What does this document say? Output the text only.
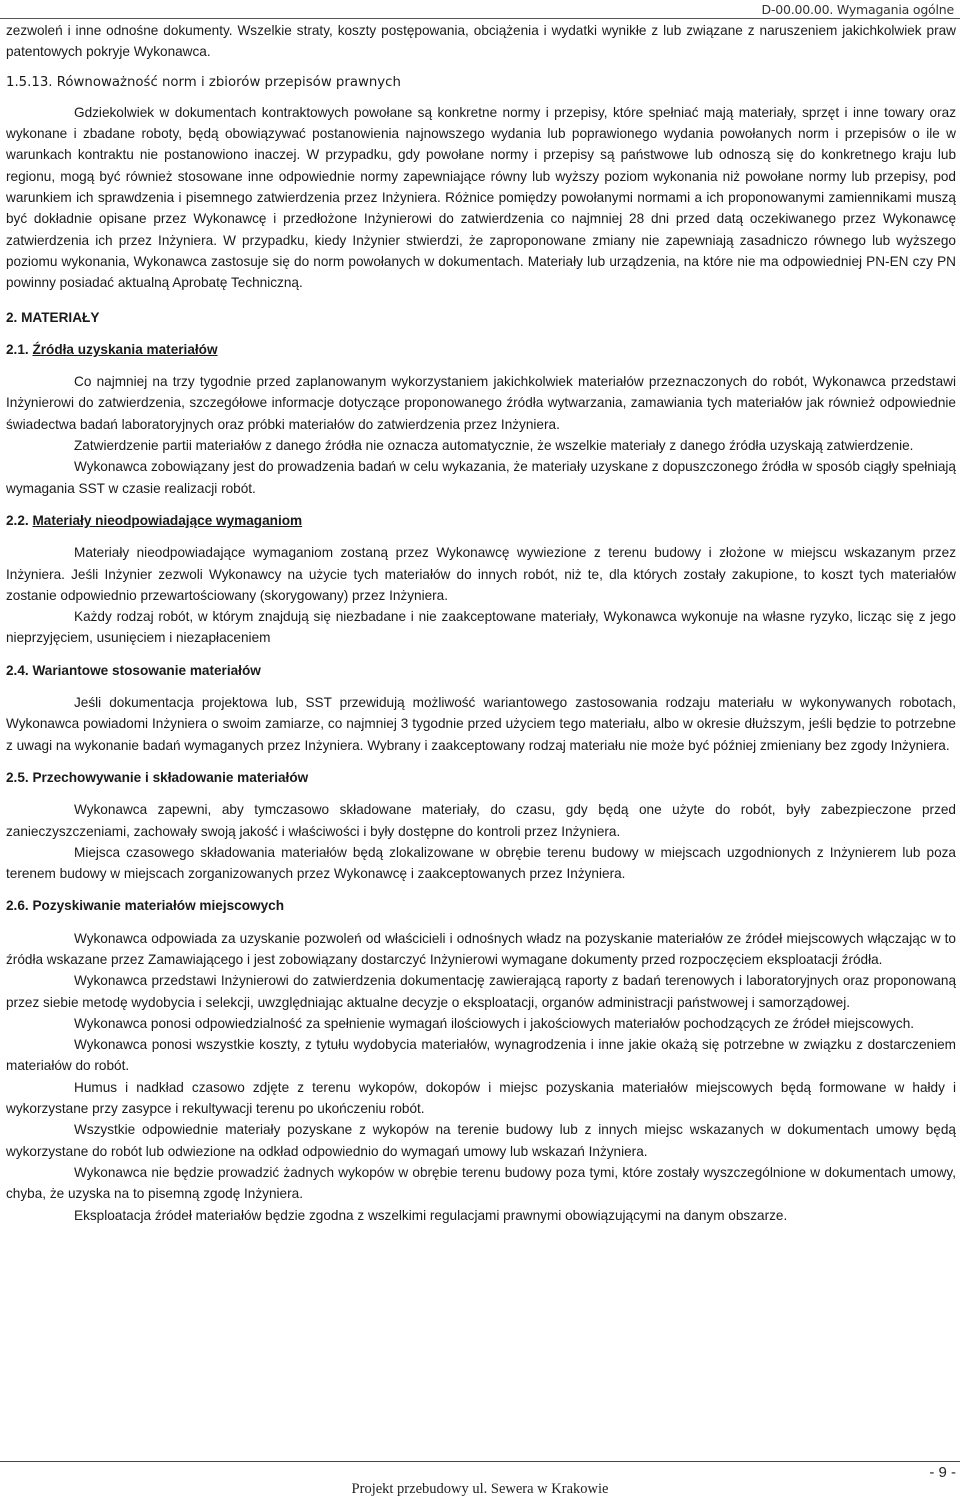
D-00.00.00. Wymagania ogólne

zezwoleń i inne odnośne dokumenty. Wszelkie straty, koszty postępowania, obciążenia i wydatki wynikłe z lub związane z naruszeniem jakichkolwiek praw patentowych pokryje Wykonawca.

1.5.13. Równoważność norm i zbiorów przepisów prawnych

Gdziekolwiek w dokumentach kontraktowych powołane są konkretne normy i przepisy, które spełniać mają materiały, sprzęt i inne towary oraz wykonane i zbadane roboty, będą obowiązywać postanowienia najnowszego wydania lub poprawionego wydania powołanych norm i przepisów o ile w warunkach kontraktu nie postanowiono inaczej. W przypadku, gdy powołane normy i przepisy są państwowe lub odnoszą się do konkretnego kraju lub regionu, mogą być również stosowane inne odpowiednie normy zapewniające równy lub wyższy poziom wykonania niż powołane normy lub przepisy, pod warunkiem ich sprawdzenia i pisemnego zatwierdzenia przez Inżyniera. Różnice pomiędzy powołanymi normami a ich proponowanymi zamiennikami muszą być dokładnie opisane przez Wykonawcę i przedłożone Inżynierowi do zatwierdzenia co najmniej 28 dni przed datą oczekiwanego przez Wykonawcę zatwierdzenia ich przez Inżyniera. W przypadku, kiedy Inżynier stwierdzi, że zaproponowane zmiany nie zapewniają zasadniczo równego lub wyższego poziomu wykonania, Wykonawca zastosuje się do norm powołanych w dokumentach. Materiały lub urządzenia, na które nie ma odpowiedniej PN-EN czy PN powinny posiadać aktualną Aprobatę Techniczną.

2. MATERIAŁY

2.1. Źródła uzyskania materiałów

Co najmniej na trzy tygodnie przed zaplanowanym wykorzystaniem jakichkolwiek materiałów przeznaczonych do robót, Wykonawca przedstawi Inżynierowi do zatwierdzenia, szczegółowe informacje dotyczące proponowanego źródła wytwarzania, zamawiania tych materiałów jak również odpowiednie świadectwa badań laboratoryjnych oraz próbki materiałów do zatwierdzenia przez Inżyniera.

Zatwierdzenie partii materiałów z danego źródła nie oznacza automatycznie, że wszelkie materiały z danego źródła uzyskają zatwierdzenie.

Wykonawca zobowiązany jest do prowadzenia badań w celu wykazania, że materiały uzyskane z dopuszczonego źródła w sposób ciągły spełniają wymagania SST w czasie realizacji robót.

2.2. Materiały nieodpowiadające wymaganiom

Materiały nieodpowiadające wymaganiom zostaną przez Wykonawcę wywiezione z terenu budowy i złożone w miejscu wskazanym przez Inżyniera. Jeśli Inżynier zezwoli Wykonawcy na użycie tych materiałów do innych robót, niż te, dla których zostały zakupione, to koszt tych materiałów zostanie odpowiednio przewartościowany (skorygowany) przez Inżyniera.

Każdy rodzaj robót, w którym znajdują się niezbadane i nie zaakceptowane materiały, Wykonawca wykonuje na własne ryzyko, licząc się z jego nieprzyjęciem, usunięciem i niezapłaceniem

2.4. Wariantowe stosowanie materiałów

Jeśli dokumentacja projektowa lub, SST przewidują możliwość wariantowego zastosowania rodzaju materiału w wykonywanych robotach, Wykonawca powiadomi Inżyniera o swoim zamiarze, co najmniej 3 tygodnie przed użyciem tego materiału, albo w okresie dłuższym, jeśli będzie to potrzebne z uwagi na wykonanie badań wymaganych przez Inżyniera. Wybrany i zaakceptowany rodzaj materiału nie może być później zmieniany bez zgody Inżyniera.

2.5. Przechowywanie i składowanie materiałów

Wykonawca zapewni, aby tymczasowo składowane materiały, do czasu, gdy będą one użyte do robót, były zabezpieczone przed zanieczyszczeniami, zachowały swoją jakość i właściwości i były dostępne do kontroli przez Inżyniera.

Miejsca czasowego składowania materiałów będą zlokalizowane w obrębie terenu budowy w miejscach uzgodnionych z Inżynierem lub poza terenem budowy w miejscach zorganizowanych przez Wykonawcę i zaakceptowanych przez Inżyniera.

2.6. Pozyskiwanie materiałów miejscowych

Wykonawca odpowiada za uzyskanie pozwoleń od właścicieli i odnośnych władz na pozyskanie materiałów ze źródeł miejscowych włączając w to źródła wskazane przez Zamawiającego i jest zobowiązany dostarczyć Inżynierowi wymagane dokumenty przed rozpoczęciem eksploatacji źródła.

Wykonawca przedstawi Inżynierowi do zatwierdzenia dokumentację zawierającą raporty z badań terenowych i laboratoryjnych oraz proponowaną przez siebie metodę wydobycia i selekcji, uwzględniając aktualne decyzje o eksploatacji, organów administracji państwowej i samorządowej.

Wykonawca ponosi odpowiedzialność za spełnienie wymagań ilościowych i jakościowych materiałów pochodzących ze źródeł miejscowych.

Wykonawca ponosi wszystkie koszty, z tytułu wydobycia materiałów, wynagrodzenia i inne jakie okażą się potrzebne w związku z dostarczeniem materiałów do robót.

Humus i nadkład czasowo zdjęte z terenu wykopów, dokopów i miejsc pozyskania materiałów miejscowych będą formowane w hałdy i wykorzystane przy zasypce i rekultywacji terenu po ukończeniu robót.

Wszystkie odpowiednie materiały pozyskane z wykopów na terenie budowy lub z innych miejsc wskazanych w dokumentach umowy będą wykorzystane do robót lub odwiezione na odkład odpowiednio do wymagań umowy lub wskazań Inżyniera.

Wykonawca nie będzie prowadzić żadnych wykopów w obrębie terenu budowy poza tymi, które zostały wyszczególnione w dokumentach umowy, chyba, że uzyska na to pisemną zgodę Inżyniera.

Eksploatacja źródeł materiałów będzie zgodna z wszelkimi regulacjami prawnymi obowiązującymi na danym obszarze.

- 9 -
Projekt przebudowy ul. Sewera w Krakowie
